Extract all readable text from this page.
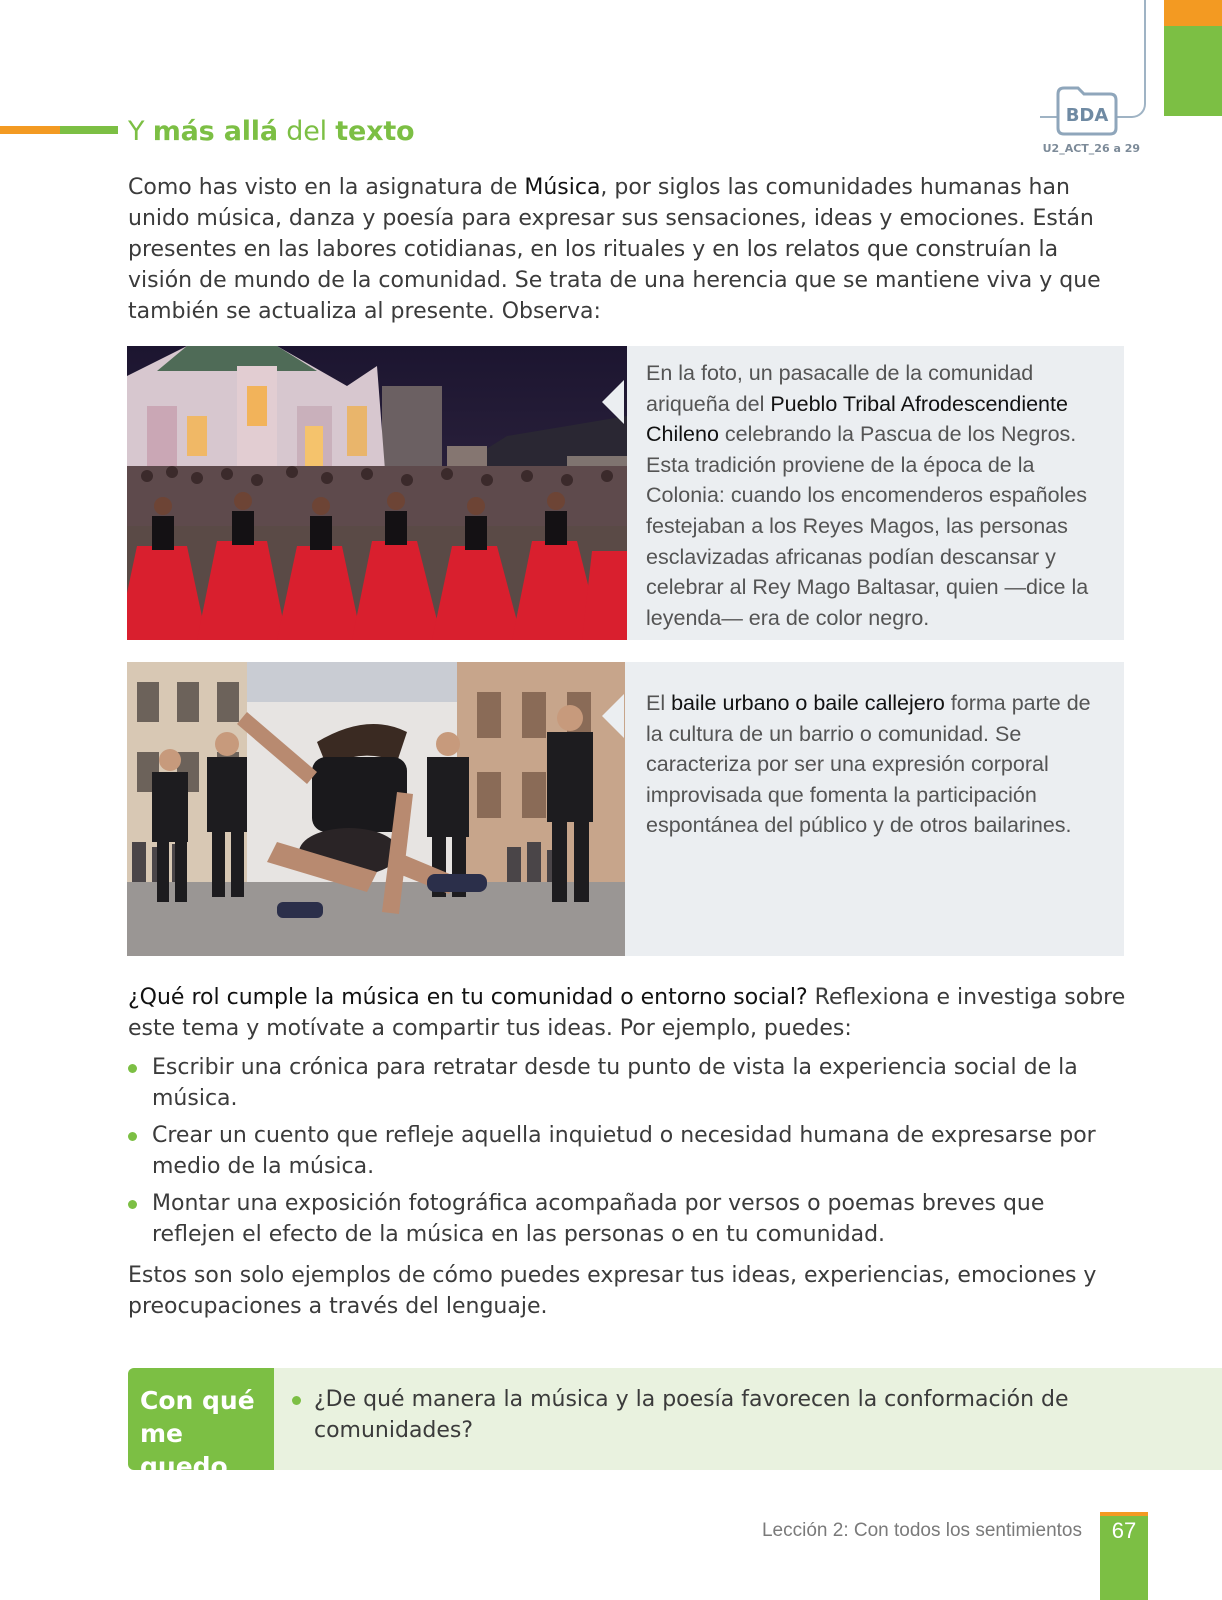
BDA
U2_ACT_26 a 29
Y más allá del texto
Como has visto en la asignatura de Música, por siglos las comunidades humanas han unido música, danza y poesía para expresar sus sensaciones, ideas y emociones. Están presentes en las labores cotidianas, en los rituales y en los relatos que construían la visión de mundo de la comunidad. Se trata de una herencia que se mantiene viva y que también se actualiza al presente. Observa:
En la foto, un pasacalle de la comunidad ariqueña del Pueblo Tribal Afrodescendiente Chileno celebrando la Pascua de los Negros. Esta tradición proviene de la época de la Colonia: cuando los encomenderos españoles festejaban a los Reyes Magos, las personas esclavizadas africanas podían descansar y celebrar al Rey Mago Baltasar, quien —dice la leyenda— era de color negro.
El baile urbano o baile callejero forma parte de la cultura de un barrio o comunidad. Se caracteriza por ser una expresión corporal improvisada que fomenta la participación espontánea del público y de otros bailarines.
¿Qué rol cumple la música en tu comunidad o entorno social? Reflexiona e investiga sobre este tema y motívate a compartir tus ideas. Por ejemplo, puedes:
Escribir una crónica para retratar desde tu punto de vista la experiencia social de la música.
Crear un cuento que refleje aquella inquietud o necesidad humana de expresarse por medio de la música.
Montar una exposición fotográfica acompañada por versos o poemas breves que reflejen el efecto de la música en las personas o en tu comunidad.
Estos son solo ejemplos de cómo puedes expresar tus ideas, experiencias, emociones y preocupaciones a través del lenguaje.
Con qué me quedo
¿De qué manera la música y la poesía favorecen la conformación de comunidades?
Lección 2: Con todos los sentimientos	67
